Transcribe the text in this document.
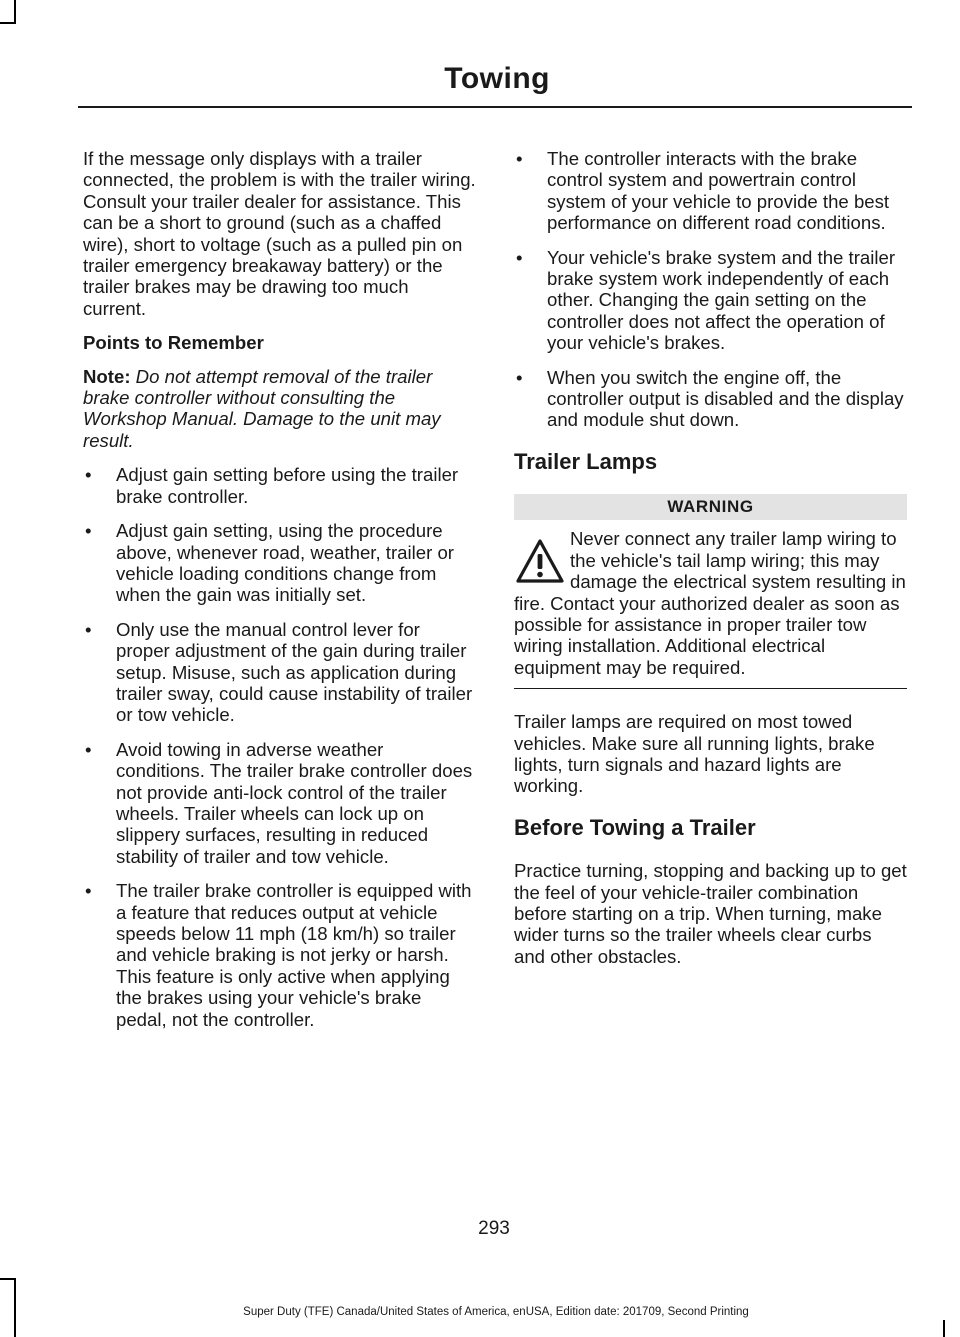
Towing

If the message only displays with a trailer connected, the problem is with the trailer wiring. Consult your trailer dealer for assistance. This can be a short to ground (such as a chaffed wire), short to voltage (such as a pulled pin on trailer emergency breakaway battery) or the trailer brakes may be drawing too much current.

Points to Remember

Note: Do not attempt removal of the trailer brake controller without consulting the Workshop Manual. Damage to the unit may result.

• Adjust gain setting before using the trailer brake controller.
• Adjust gain setting, using the procedure above, whenever road, weather, trailer or vehicle loading conditions change from when the gain was initially set.
• Only use the manual control lever for proper adjustment of the gain during trailer setup. Misuse, such as application during trailer sway, could cause instability of trailer or tow vehicle.
• Avoid towing in adverse weather conditions. The trailer brake controller does not provide anti-lock control of the trailer wheels. Trailer wheels can lock up on slippery surfaces, resulting in reduced stability of trailer and tow vehicle.
• The trailer brake controller is equipped with a feature that reduces output at vehicle speeds below 11 mph (18 km/h) so trailer and vehicle braking is not jerky or harsh. This feature is only active when applying the brakes using your vehicle's brake pedal, not the controller.
• The controller interacts with the brake control system and powertrain control system of your vehicle to provide the best performance on different road conditions.
• Your vehicle's brake system and the trailer brake system work independently of each other. Changing the gain setting on the controller does not affect the operation of your vehicle's brakes.
• When you switch the engine off, the controller output is disabled and the display and module shut down.
Trailer Lamps
WARNING
Never connect any trailer lamp wiring to the vehicle's tail lamp wiring; this may damage the electrical system resulting in fire. Contact your authorized dealer as soon as possible for assistance in proper trailer tow wiring installation. Additional electrical equipment may be required.

Trailer lamps are required on most towed vehicles. Make sure all running lights, brake lights, turn signals and hazard lights are working.

Before Towing a Trailer

Practice turning, stopping and backing up to get the feel of your vehicle-trailer combination before starting on a trip. When turning, make wider turns so the trailer wheels clear curbs and other obstacles.

293
Super Duty (TFE) Canada/United States of America, enUSA, Edition date: 201709, Second Printing
